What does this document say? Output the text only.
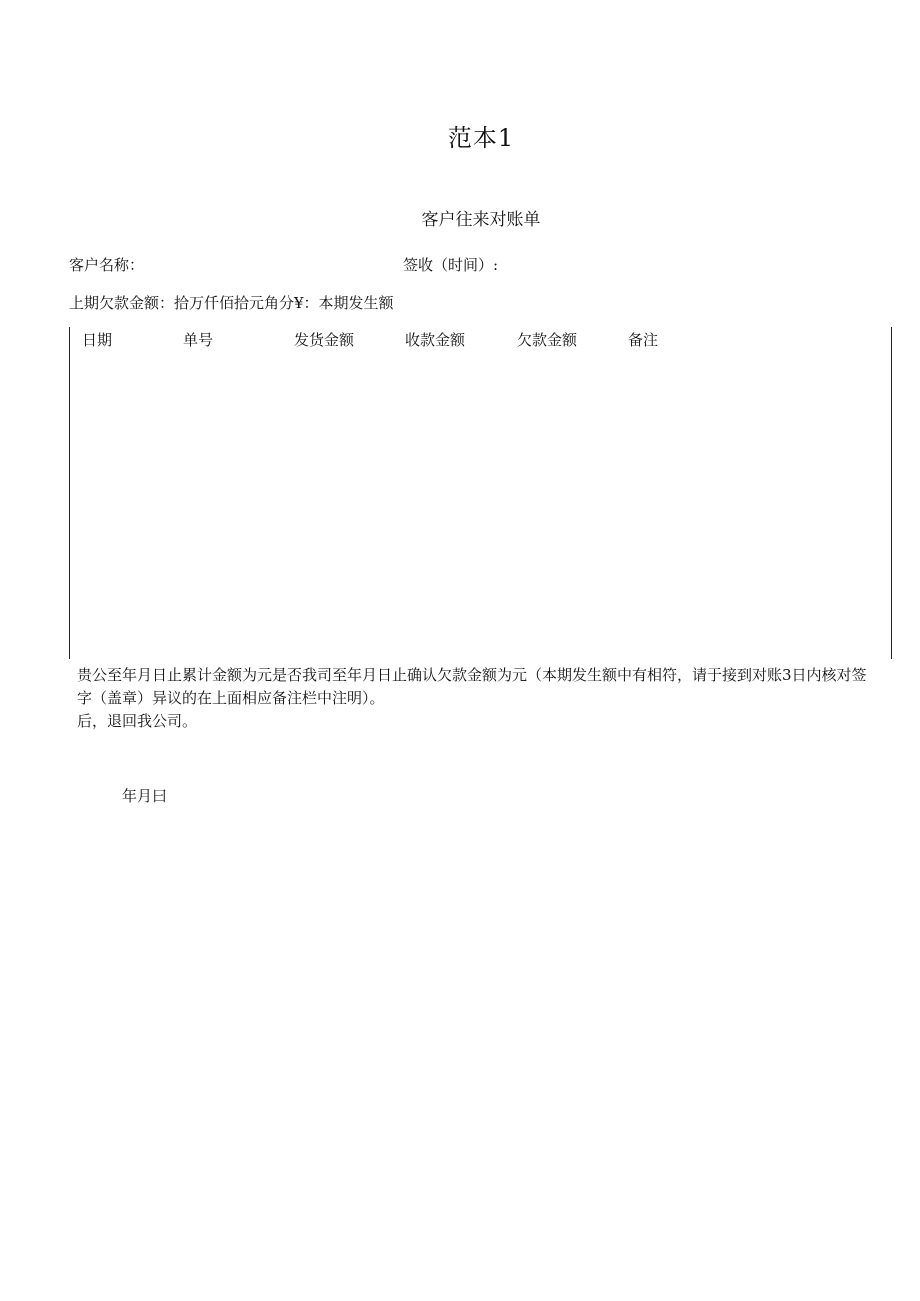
范本1
客户往来对账单
客户名称：	签收（时间）:
上期欠款金额：拾万仟佰拾元角分¥：本期发生额
日期	单号	发货金额	收款金额	欠款金额	备注

贵公至年月日止累计金额为元是否我司至年月日止确认欠款金额为元（本期发生额中有相符，请于接到对账3日内核对签

字（盖章）异议的在上面相应备注栏中注明）。

后，退回我公司。

年月曰
